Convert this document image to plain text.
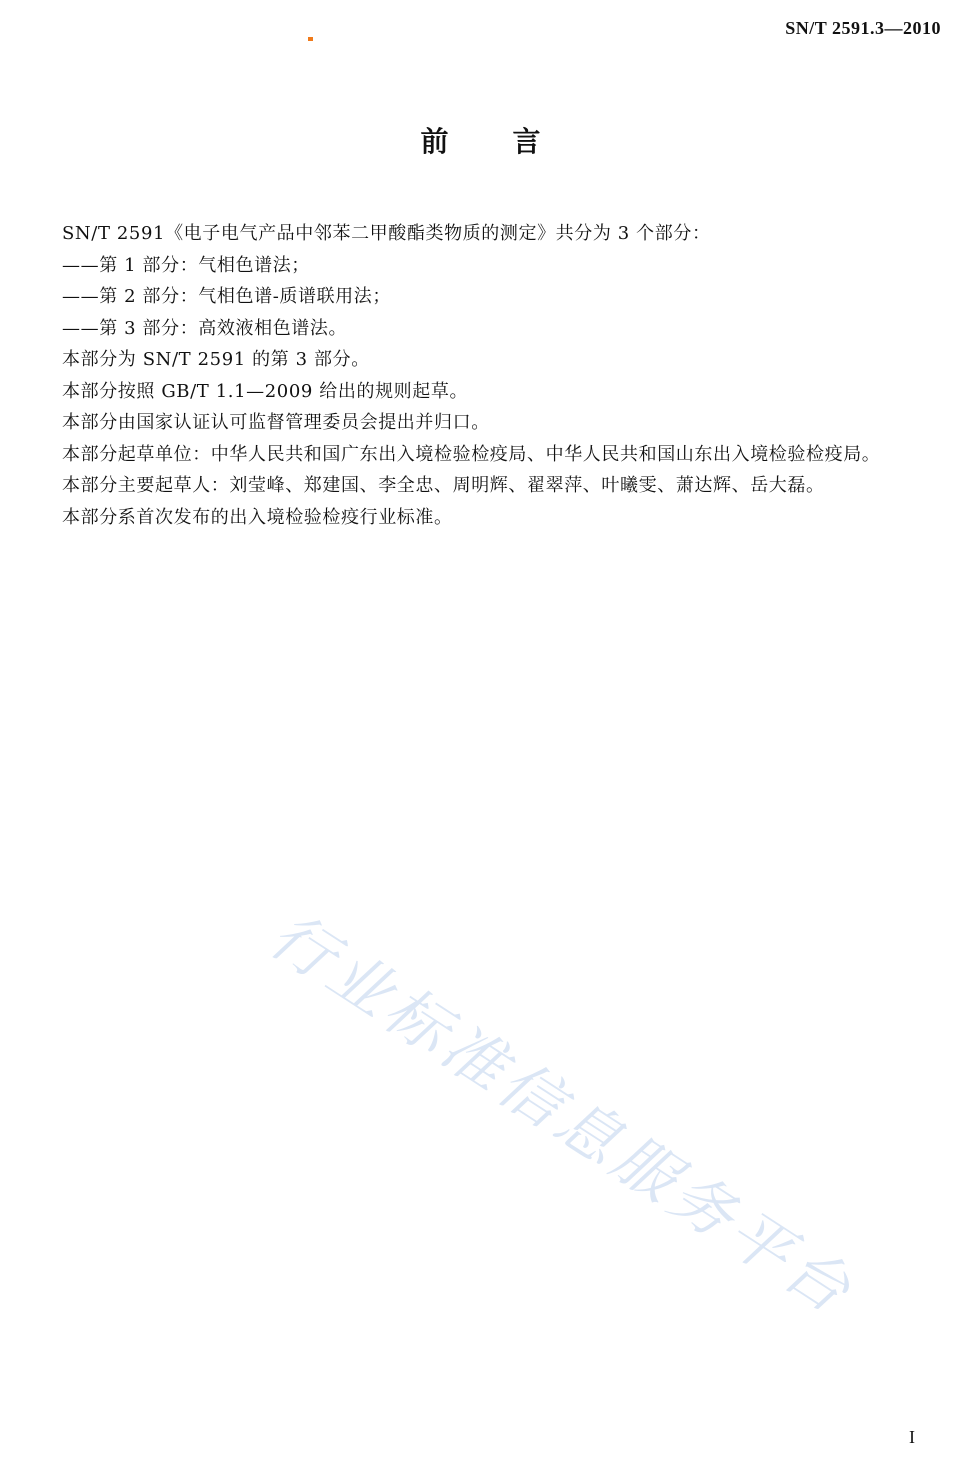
SN/T 2591.3—2010
前言

SN/T 2591《电子电气产品中邻苯二甲酸酯类物质的测定》共分为 3 个部分：

——第 1 部分：气相色谱法；

——第 2 部分：气相色谱-质谱联用法；

——第 3 部分：高效液相色谱法。

本部分为 SN/T 2591 的第 3 部分。

本部分按照 GB/T 1.1—2009 给出的规则起草。

本部分由国家认证认可监督管理委员会提出并归口。

本部分起草单位：中华人民共和国广东出入境检验检疫局、中华人民共和国山东出入境检验检疫局。

本部分主要起草人：刘莹峰、郑建国、李全忠、周明辉、翟翠萍、叶曦雯、萧达辉、岳大磊。

本部分系首次发布的出入境检验检疫行业标准。

行业标准信息服务平台
I
